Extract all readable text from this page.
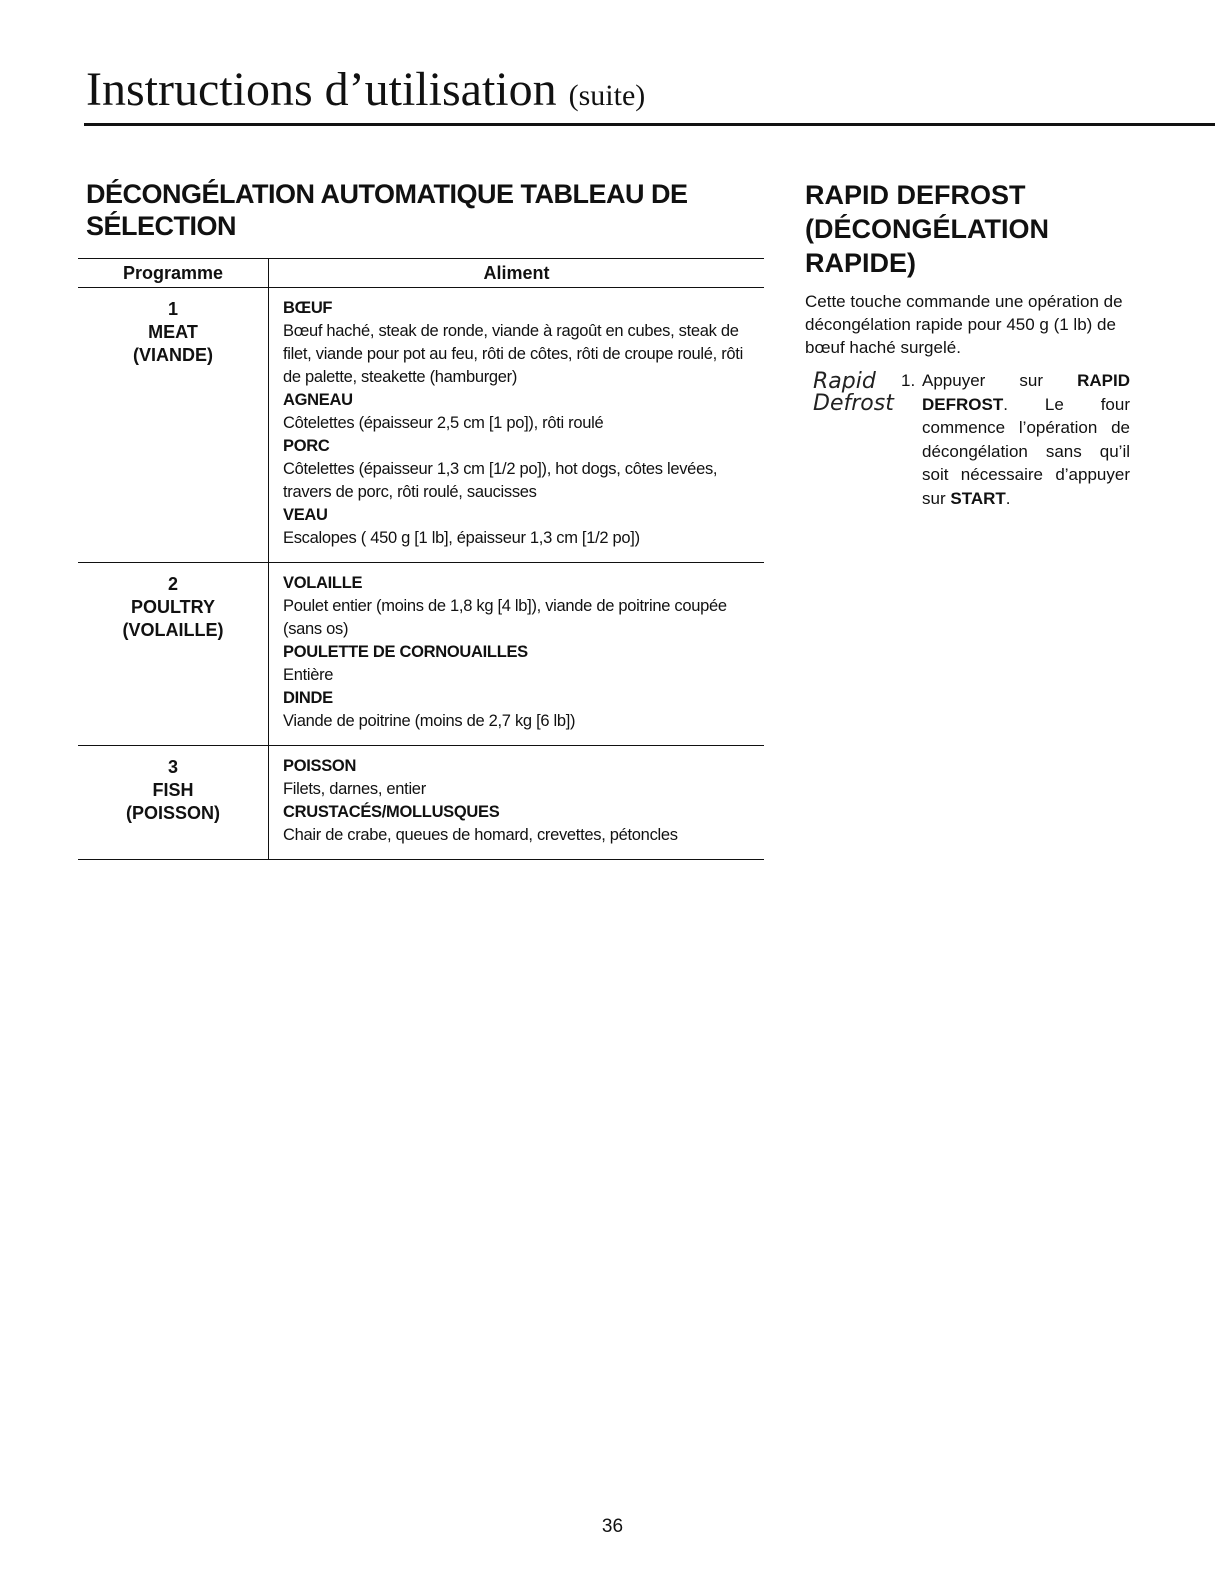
Instructions d’utilisation (suite)
DÉCONGÉLATION AUTOMATIQUE TABLEAU DE SÉLECTION
Programme	Aliment
1
MEAT
(VIANDE)
BŒUF
Bœuf haché, steak de ronde, viande à ragoût en cubes, steak de filet, viande pour pot au feu, rôti de côtes, rôti de croupe roulé, rôti de palette, steakette (hamburger)
AGNEAU
Côtelettes (épaisseur 2,5 cm [1 po]), rôti roulé
PORC
Côtelettes (épaisseur 1,3 cm [1/2 po]), hot dogs, côtes levées, travers de porc, rôti roulé, saucisses
VEAU
Escalopes ( 450 g [1 lb], épaisseur 1,3 cm [1/2 po])
2
POULTRY
(VOLAILLE)
VOLAILLE
Poulet entier (moins de 1,8 kg [4 lb]), viande de poitrine coupée (sans os)
POULETTE DE CORNOUAILLES
Entière
DINDE
Viande de poitrine (moins de 2,7 kg [6 lb])
3
FISH
(POISSON)
POISSON
Filets, darnes, entier
CRUSTACÉS/MOLLUSQUES
Chair de crabe, queues de homard, crevettes, pétoncles
RAPID DEFROST
(DÉCONGÉLATION
RAPIDE)
Cette touche commande une opération de décongélation rapide pour 450 g (1 lb) de bœuf haché surgelé.
Rapid
Defrost
1. Appuyer sur RAPID DEFROST. Le four commence l’opération de décongélation sans qu’il soit nécessaire d’appuyer sur START.
36
